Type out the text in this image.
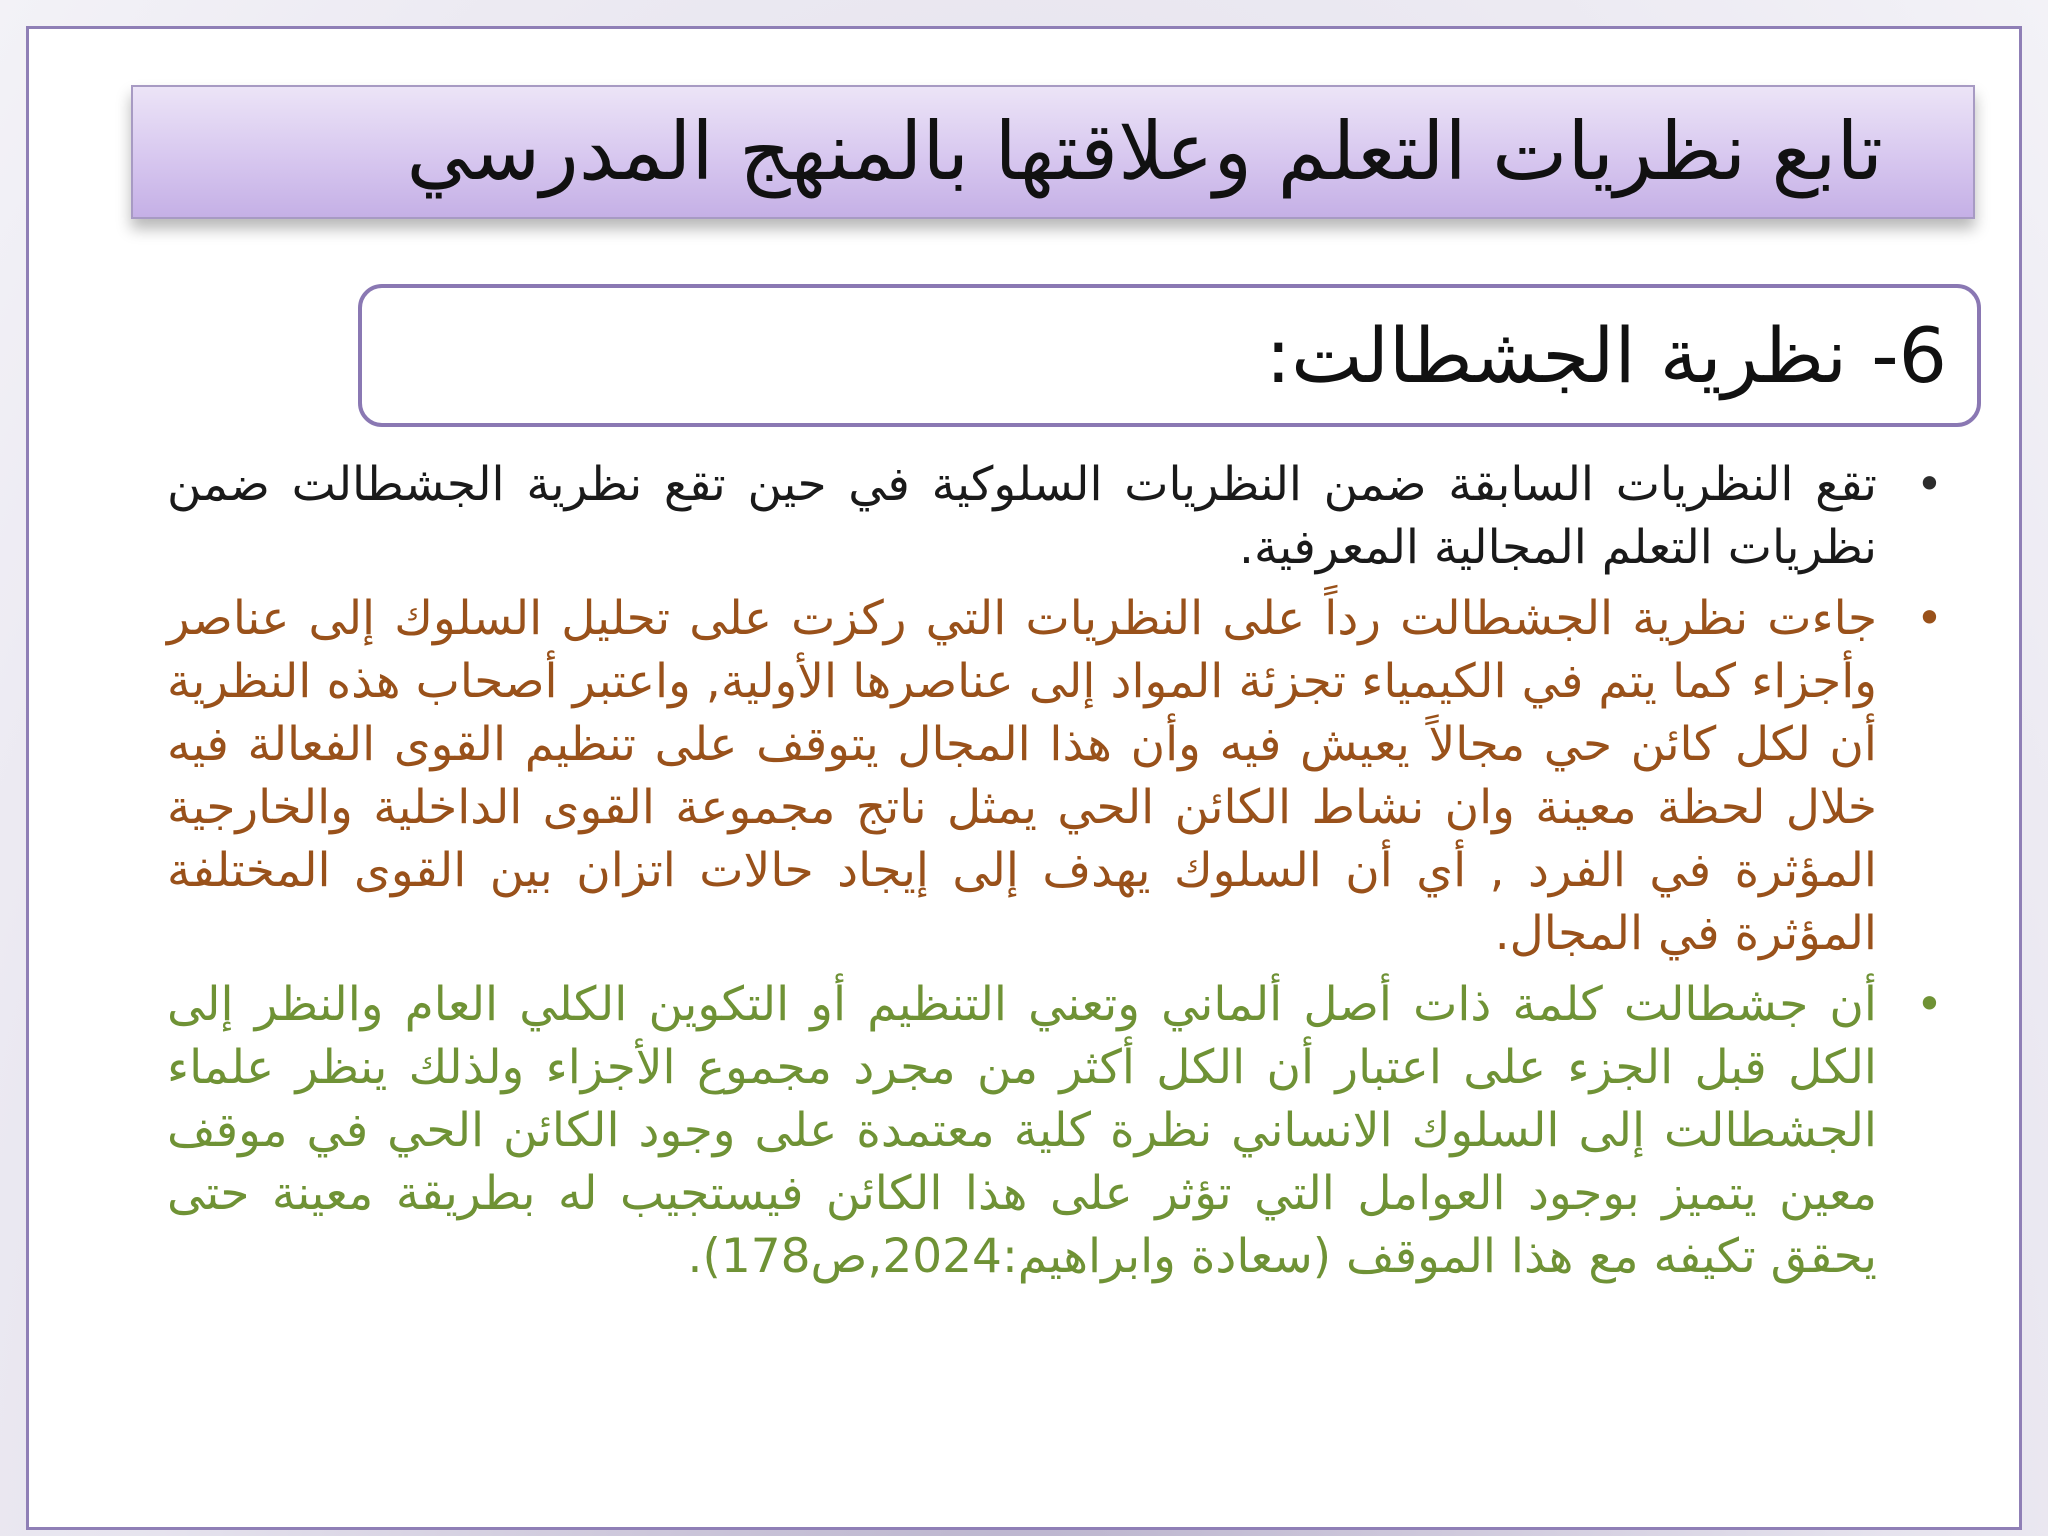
تابع نظريات التعلم وعلاقتها بالمنهج المدرسي
6- نظرية الجشطالت:
•
تقع النظريات السابقة ضمن النظريات السلوكية في حين تقع نظرية الجشطالت ضمن نظريات التعلم المجالية المعرفية.
•
جاءت نظرية الجشطالت رداً على النظريات التي ركزت على تحليل السلوك إلى عناصر وأجزاء كما يتم في الكيمياء تجزئة المواد إلى عناصرها الأولية, واعتبر أصحاب هذه النظرية أن لكل كائن حي مجالاً يعيش فيه وأن هذا المجال يتوقف على تنظيم القوى الفعالة فيه خلال لحظة معينة وان نشاط الكائن الحي يمثل ناتج مجموعة القوى الداخلية والخارجية المؤثرة في الفرد , أي أن السلوك يهدف إلى إيجاد حالات اتزان بين القوى المختلفة المؤثرة في المجال.
•
أن جشطالت كلمة ذات أصل ألماني وتعني التنظيم أو التكوين الكلي العام والنظر إلى الكل قبل الجزء على اعتبار أن الكل أكثر من مجرد مجموع الأجزاء ولذلك ينظر علماء الجشطالت إلى السلوك الانساني نظرة كلية معتمدة على وجود الكائن الحي في موقف معين يتميز بوجود العوامل التي تؤثر على هذا الكائن فيستجيب له بطريقة معينة حتى يحقق تكيفه مع هذا الموقف (سعادة وابراهيم:2024,ص178).
